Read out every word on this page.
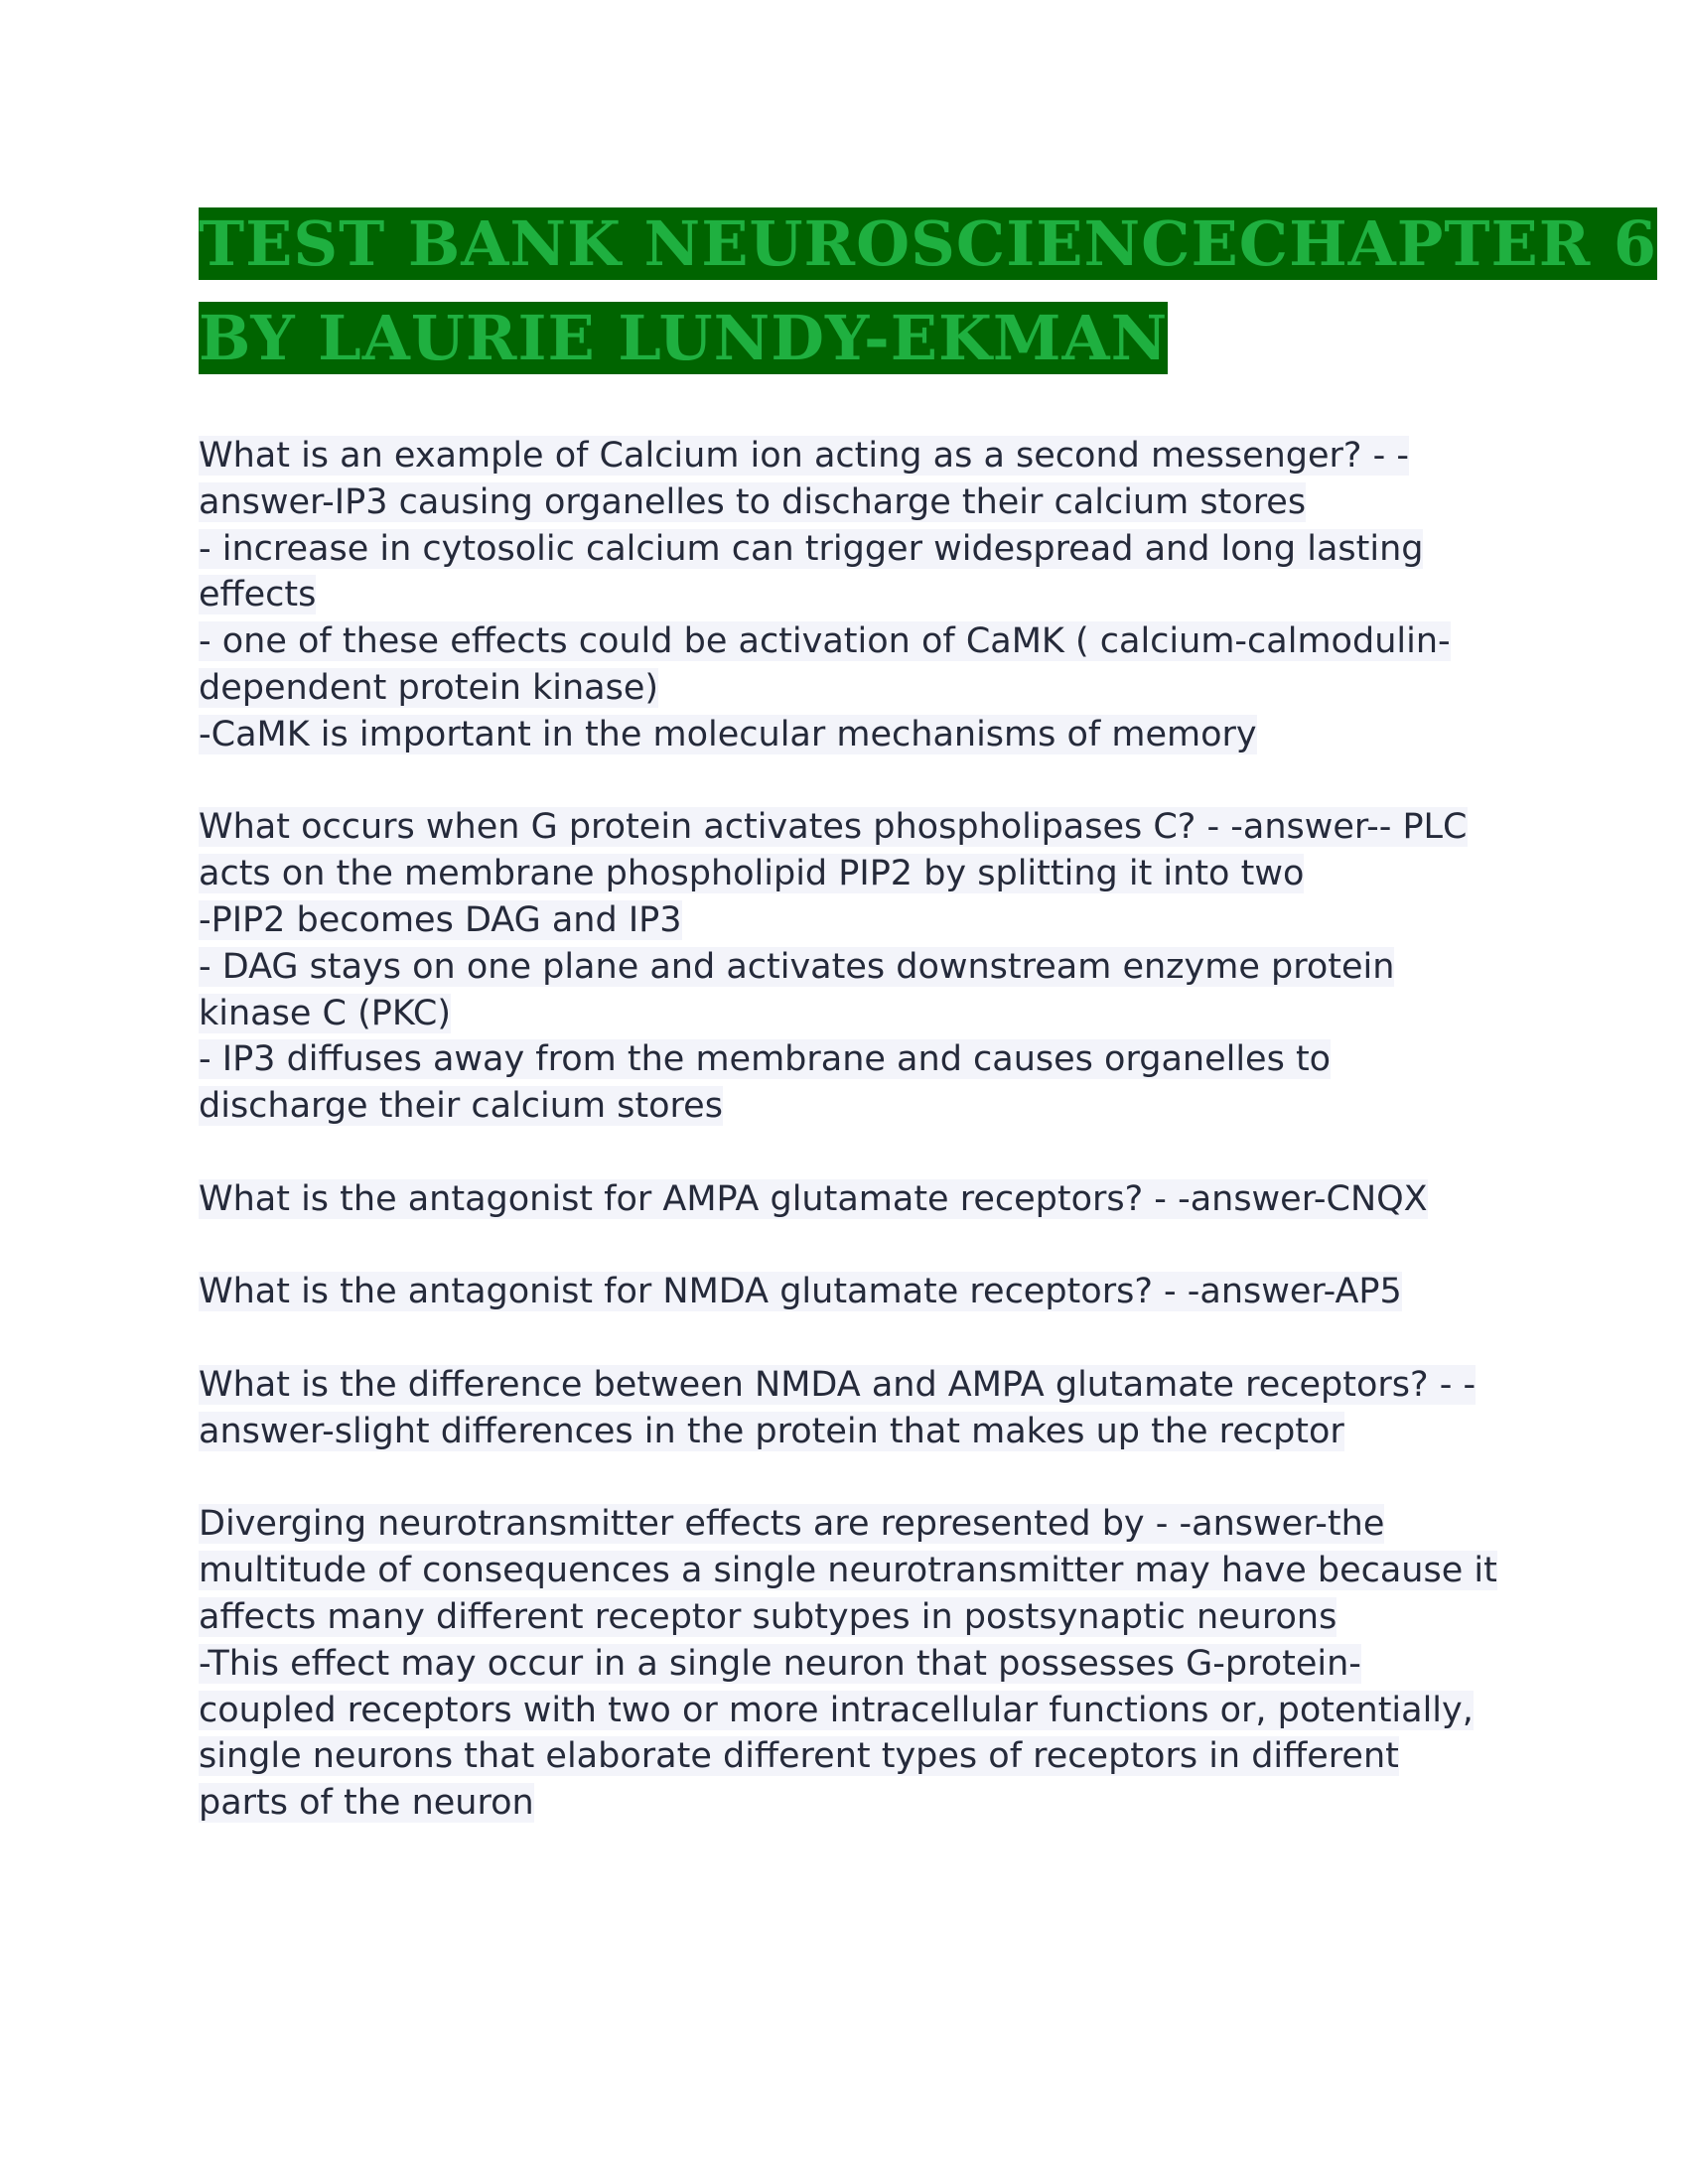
TEST BANK NEUROSCIENCECHAPTER 6
BY LAURIE LUNDY-EKMAN
What is an example of Calcium ion acting as a second messenger? - -
answer-IP3 causing organelles to discharge their calcium stores
- increase in cytosolic calcium can trigger widespread and long lasting
effects
- one of these effects could be activation of CaMK ( calcium-calmodulin-
dependent protein kinase)
-CaMK is important in the molecular mechanisms of memory
What occurs when G protein activates phospholipases C? - -answer-- PLC
acts on the membrane phospholipid PIP2 by splitting it into two
-PIP2 becomes DAG and IP3
- DAG stays on one plane and activates downstream enzyme protein
kinase C (PKC)
- IP3 diffuses away from the membrane and causes organelles to
discharge their calcium stores
What is the antagonist for AMPA glutamate receptors? - -answer-CNQX
What is the antagonist for NMDA glutamate receptors? - -answer-AP5
What is the difference between NMDA and AMPA glutamate receptors? - -
answer-slight differences in the protein that makes up the recptor
Diverging neurotransmitter effects are represented by - -answer-the
multitude of consequences a single neurotransmitter may have because it
affects many different receptor subtypes in postsynaptic neurons
-This effect may occur in a single neuron that possesses G-protein-
coupled receptors with two or more intracellular functions or, potentially,
single neurons that elaborate different types of receptors in different
parts of the neuron
